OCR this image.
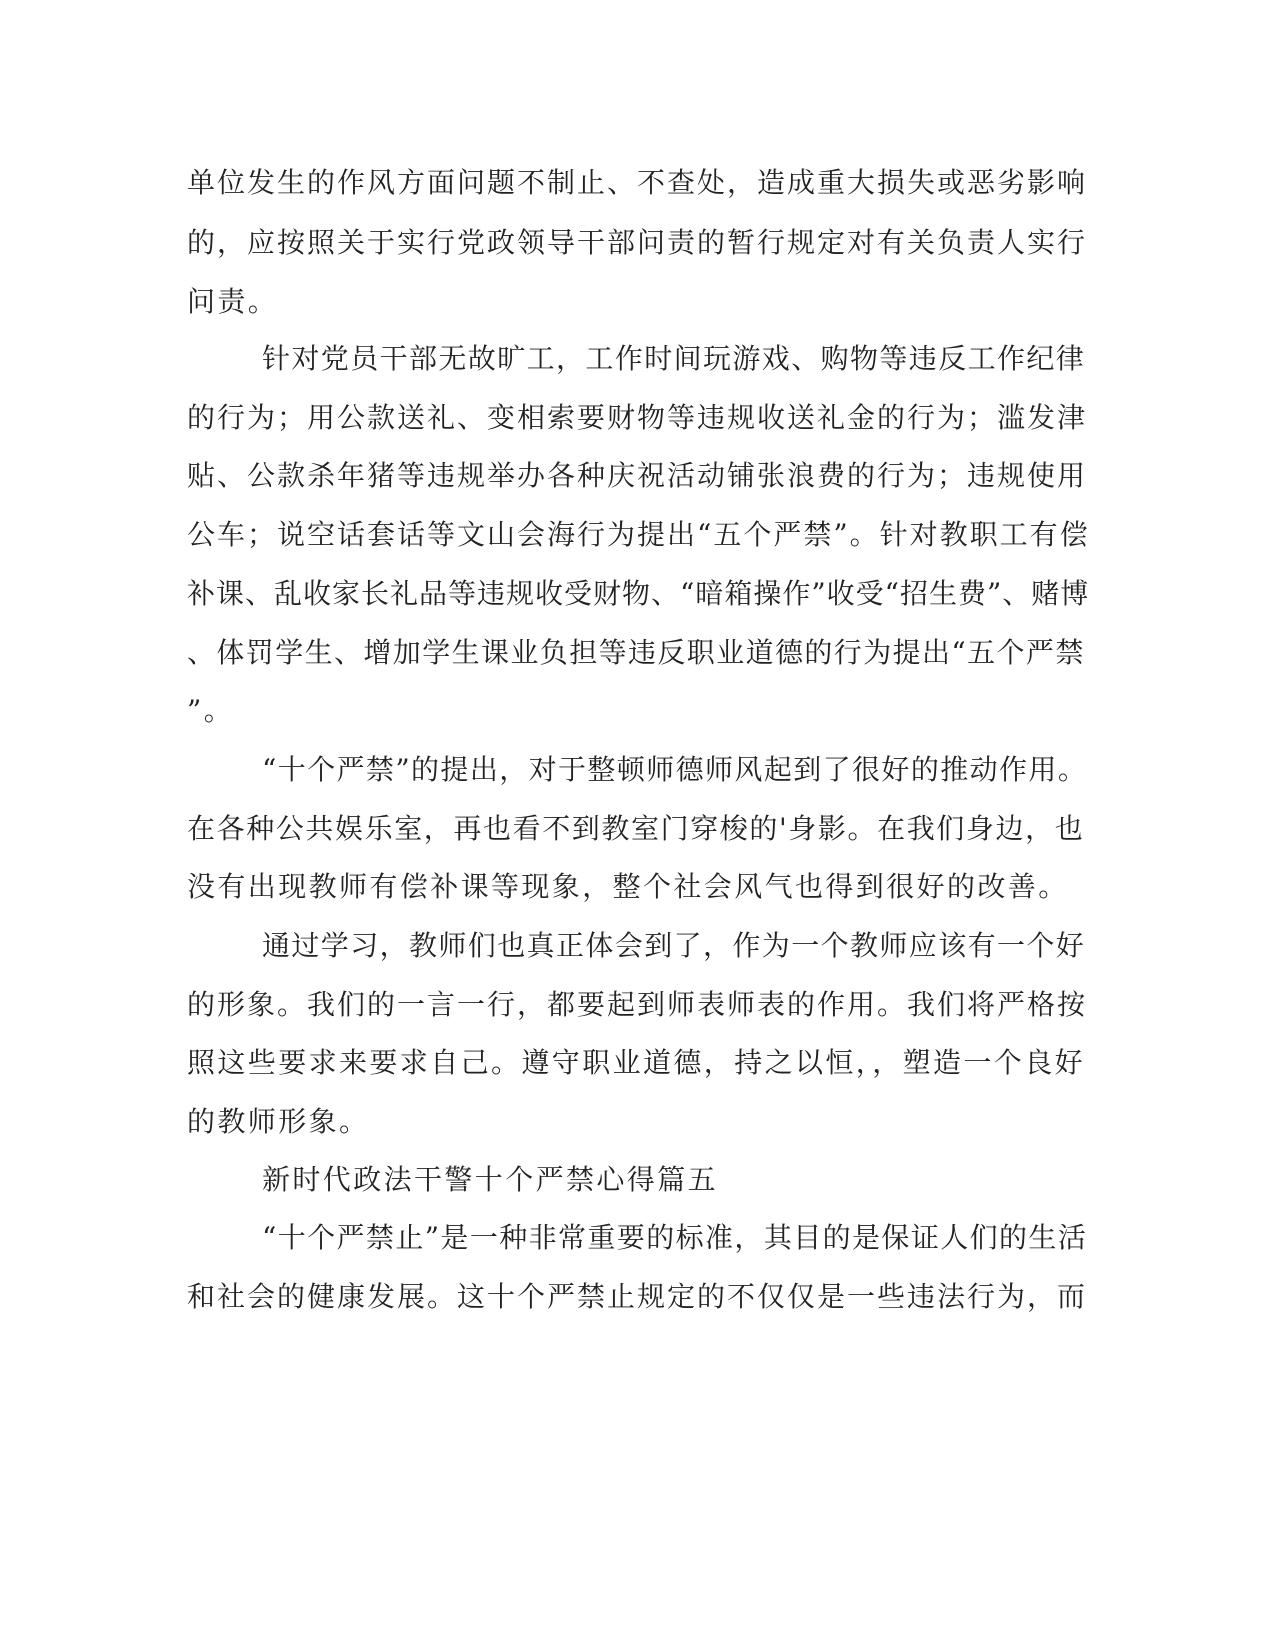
单位发生的作风方面问题不制止、不查处，造成重大损失或恶劣影响
的，应按照关于实行党政领导干部问责的暂行规定对有关负责人实行
问责。
针对党员干部无故旷工，工作时间玩游戏、购物等违反工作纪律
的行为；用公款送礼、变相索要财物等违规收送礼金的行为；滥发津
贴、公款杀年猪等违规举办各种庆祝活动铺张浪费的行为；违规使用
公车；说空话套话等文山会海行为提出“五个严禁”。针对教职工有偿
补课、乱收家长礼品等违规收受财物、“暗箱操作”收受“招生费”、赌博
、体罚学生、增加学生课业负担等违反职业道德的行为提出“五个严禁
”。
“十个严禁”的提出，对于整顿师德师风起到了很好的推动作用。
在各种公共娱乐室，再也看不到教室门穿梭的'身影。在我们身边，也
没有出现教师有偿补课等现象，整个社会风气也得到很好的改善。
通过学习，教师们也真正体会到了，作为一个教师应该有一个好
的形象。我们的一言一行，都要起到师表师表的作用。我们将严格按
照这些要求来要求自己。遵守职业道德，持之以恒，，塑造一个良好
的教师形象。
新时代政法干警十个严禁心得篇五
“十个严禁止”是一种非常重要的标准，其目的是保证人们的生活
和社会的健康发展。这十个严禁止规定的不仅仅是一些违法行为，而
